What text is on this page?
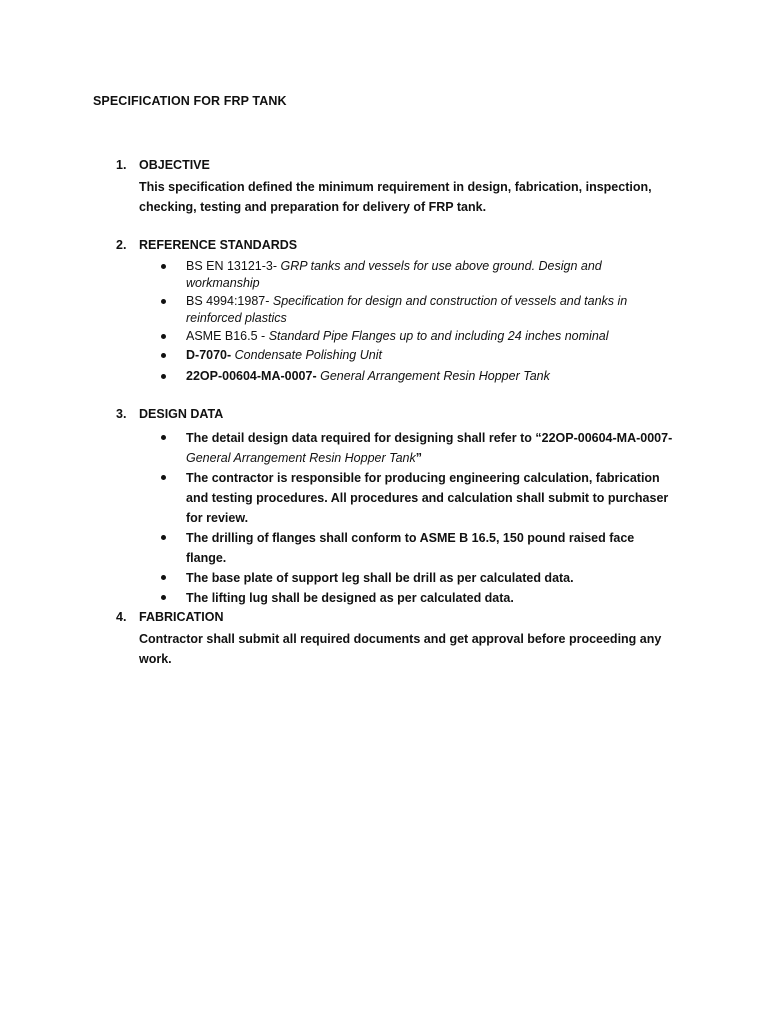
SPECIFICATION FOR FRP TANK
1. OBJECTIVE
This specification defined the minimum requirement in design, fabrication, inspection, checking, testing and preparation for delivery of FRP tank.
2. REFERENCE STANDARDS
BS EN 13121-3- GRP tanks and vessels for use above ground. Design and workmanship
BS 4994:1987- Specification for design and construction of vessels and tanks in reinforced plastics
ASME B16.5 - Standard Pipe Flanges up to and including 24 inches nominal
D-7070- Condensate Polishing Unit
22OP-00604-MA-0007- General Arrangement Resin Hopper Tank
3. DESIGN DATA
The detail design data required for designing shall refer to “22OP-00604-MA-0007-General Arrangement Resin Hopper Tank”
The contractor is responsible for producing engineering calculation, fabrication and testing procedures. All procedures and calculation shall submit to purchaser for review.
The drilling of flanges shall conform to ASME B 16.5, 150 pound raised face flange.
The base plate of support leg shall be drill as per calculated data.
The lifting lug shall be designed as per calculated data.
4. FABRICATION
Contractor shall submit all required documents and get approval before proceeding any work.
